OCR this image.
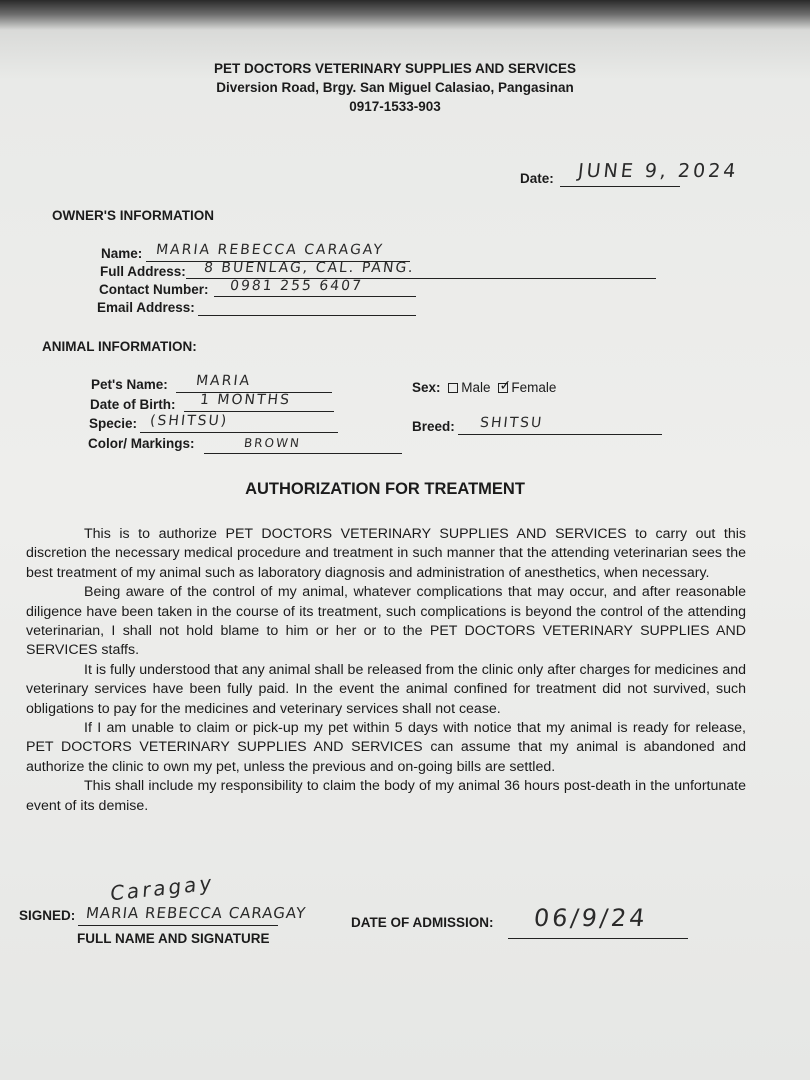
PET DOCTORS VETERINARY SUPPLIES AND SERVICES
Diversion Road, Brgy. San Miguel Calasiao, Pangasinan
0917-1533-903
Date: JUNE 9, 2024
OWNER'S INFORMATION
Name: MARIA REBECCA CARAGAY
Full Address: 8 BUENLAG, CAL. PANG.
Contact Number: 0981 255 6407
Email Address:
ANIMAL INFORMATION:
Pet's Name: MARIA
Date of Birth: 1 MONTHS
Specie: (SHITSU)
Color/ Markings:	BROWN
Sex: Male ✓ Female
Breed: SHITSU
AUTHORIZATION FOR TREATMENT

This is to authorize PET DOCTORS VETERINARY SUPPLIES AND SERVICES to carry out this discretion the necessary medical procedure and treatment in such manner that the attending veterinarian sees the best treatment of my animal such as laboratory diagnosis and administration of anesthetics, when necessary.

Being aware of the control of my animal, whatever complications that may occur, and after reasonable diligence have been taken in the course of its treatment, such complications is beyond the control of the attending veterinarian, I shall not hold blame to him or her or to the PET DOCTORS VETERINARY SUPPLIES AND SERVICES staffs.

It is fully understood that any animal shall be released from the clinic only after charges for medicines and veterinary services have been fully paid. In the event the animal confined for treatment did not survived, such obligations to pay for the medicines and veterinary services shall not cease.

If I am unable to claim or pick-up my pet within 5 days with notice that my animal is ready for release, PET DOCTORS VETERINARY SUPPLIES AND SERVICES can assume that my animal is abandoned and authorize the clinic to own my pet, unless the previous and on-going bills are settled.

This shall include my responsibility to claim the body of my animal 36 hours post-death in the unfortunate event of its demise.

Caragay
SIGNED: MARIA REBECCA CARAGAY
FULL NAME AND SIGNATURE
DATE OF ADMISSION: 06/9/24
